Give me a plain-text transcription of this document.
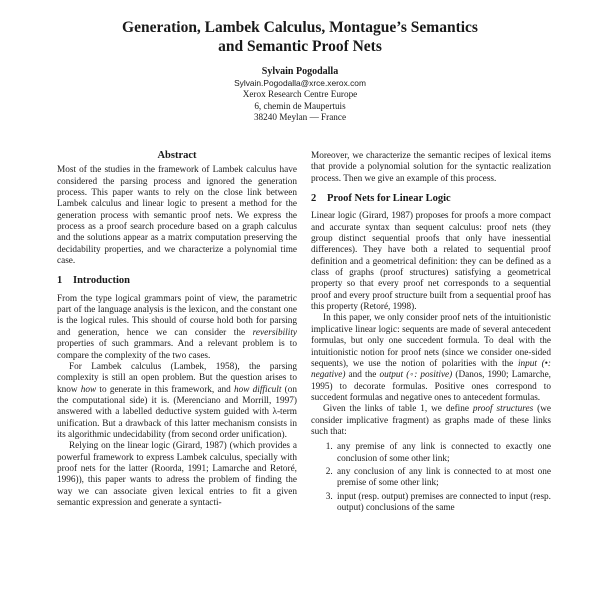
Generation, Lambek Calculus, Montague’s Semantics
and Semantic Proof Nets
Sylvain Pogodalla
Sylvain.Pogodalla@xrce.xerox.com
Xerox Research Centre Europe
6, chemin de Maupertuis
38240 Meylan — France
Abstract

Most of the studies in the framework of Lambek calculus have considered the parsing process and ignored the generation process. This paper wants to rely on the close link between Lambek calculus and linear logic to present a method for the generation process with semantic proof nets. We express the process as a proof search procedure based on a graph calculus and the solutions appear as a matrix computation preserving the decidability properties, and we characterize a polynomial time case.

1 Introduction

From the type logical grammars point of view, the parametric part of the language analysis is the lexicon, and the constant one is the logical rules. This should of course hold both for parsing and generation, hence we can consider the reversibility properties of such grammars. And a relevant problem is to compare the complexity of the two cases.

For Lambek calculus (Lambek, 1958), the parsing complexity is still an open problem. But the question arises to know how to generate in this framework, and how difficult (on the computational side) it is. (Merenciano and Morrill, 1997) answered with a labelled deductive system guided with λ-term unification. But a drawback of this latter mechanism consists in its algorithmic undecidability (from second order unification).

Relying on the linear logic (Girard, 1987) (which provides a powerful framework to express Lambek calculus, specially with proof nets for the latter (Roorda, 1991; Lamarche and Retoré, 1996)), this paper wants to adress the problem of finding the way we can associate given lexical entries to fit a given semantic expression and generate a syntacti-

Moreover, we characterize the semantic recipes of lexical items that provide a polynomial solution for the syntactic realization process. Then we give an example of this process.

2 Proof Nets for Linear Logic

Linear logic (Girard, 1987) proposes for proofs a more compact and accurate syntax than sequent calculus: proof nets (they group distinct sequential proofs that only have inessential differences). They have both a related to sequential proof definition and a geometrical definition: they can be defined as a class of graphs (proof structures) satisfying a geometrical property so that every proof net corresponds to a sequential proof and every proof structure built from a sequential proof has this property (Retoré, 1998).

In this paper, we only consider proof nets of the intuitionistic implicative linear logic: sequents are made of several antecedent formulas, but only one succedent formula. To deal with the intuitionistic notion for proof nets (since we consider one-sided sequents), we use the notion of polarities with the input (•: negative) and the output (◦: positive) (Danos, 1990; Lamarche, 1995) to decorate formulas. Positive ones correspond to succedent formulas and negative ones to antecedent formulas.

Given the links of table 1, we define proof structures (we consider implicative fragment) as graphs made of these links such that:

1. any premise of any link is connected to exactly one conclusion of some other link;
2. any conclusion of any link is connected to at most one premise of some other link;
3. input (resp. output) premises are connected to input (resp. output) conclusions of the same
